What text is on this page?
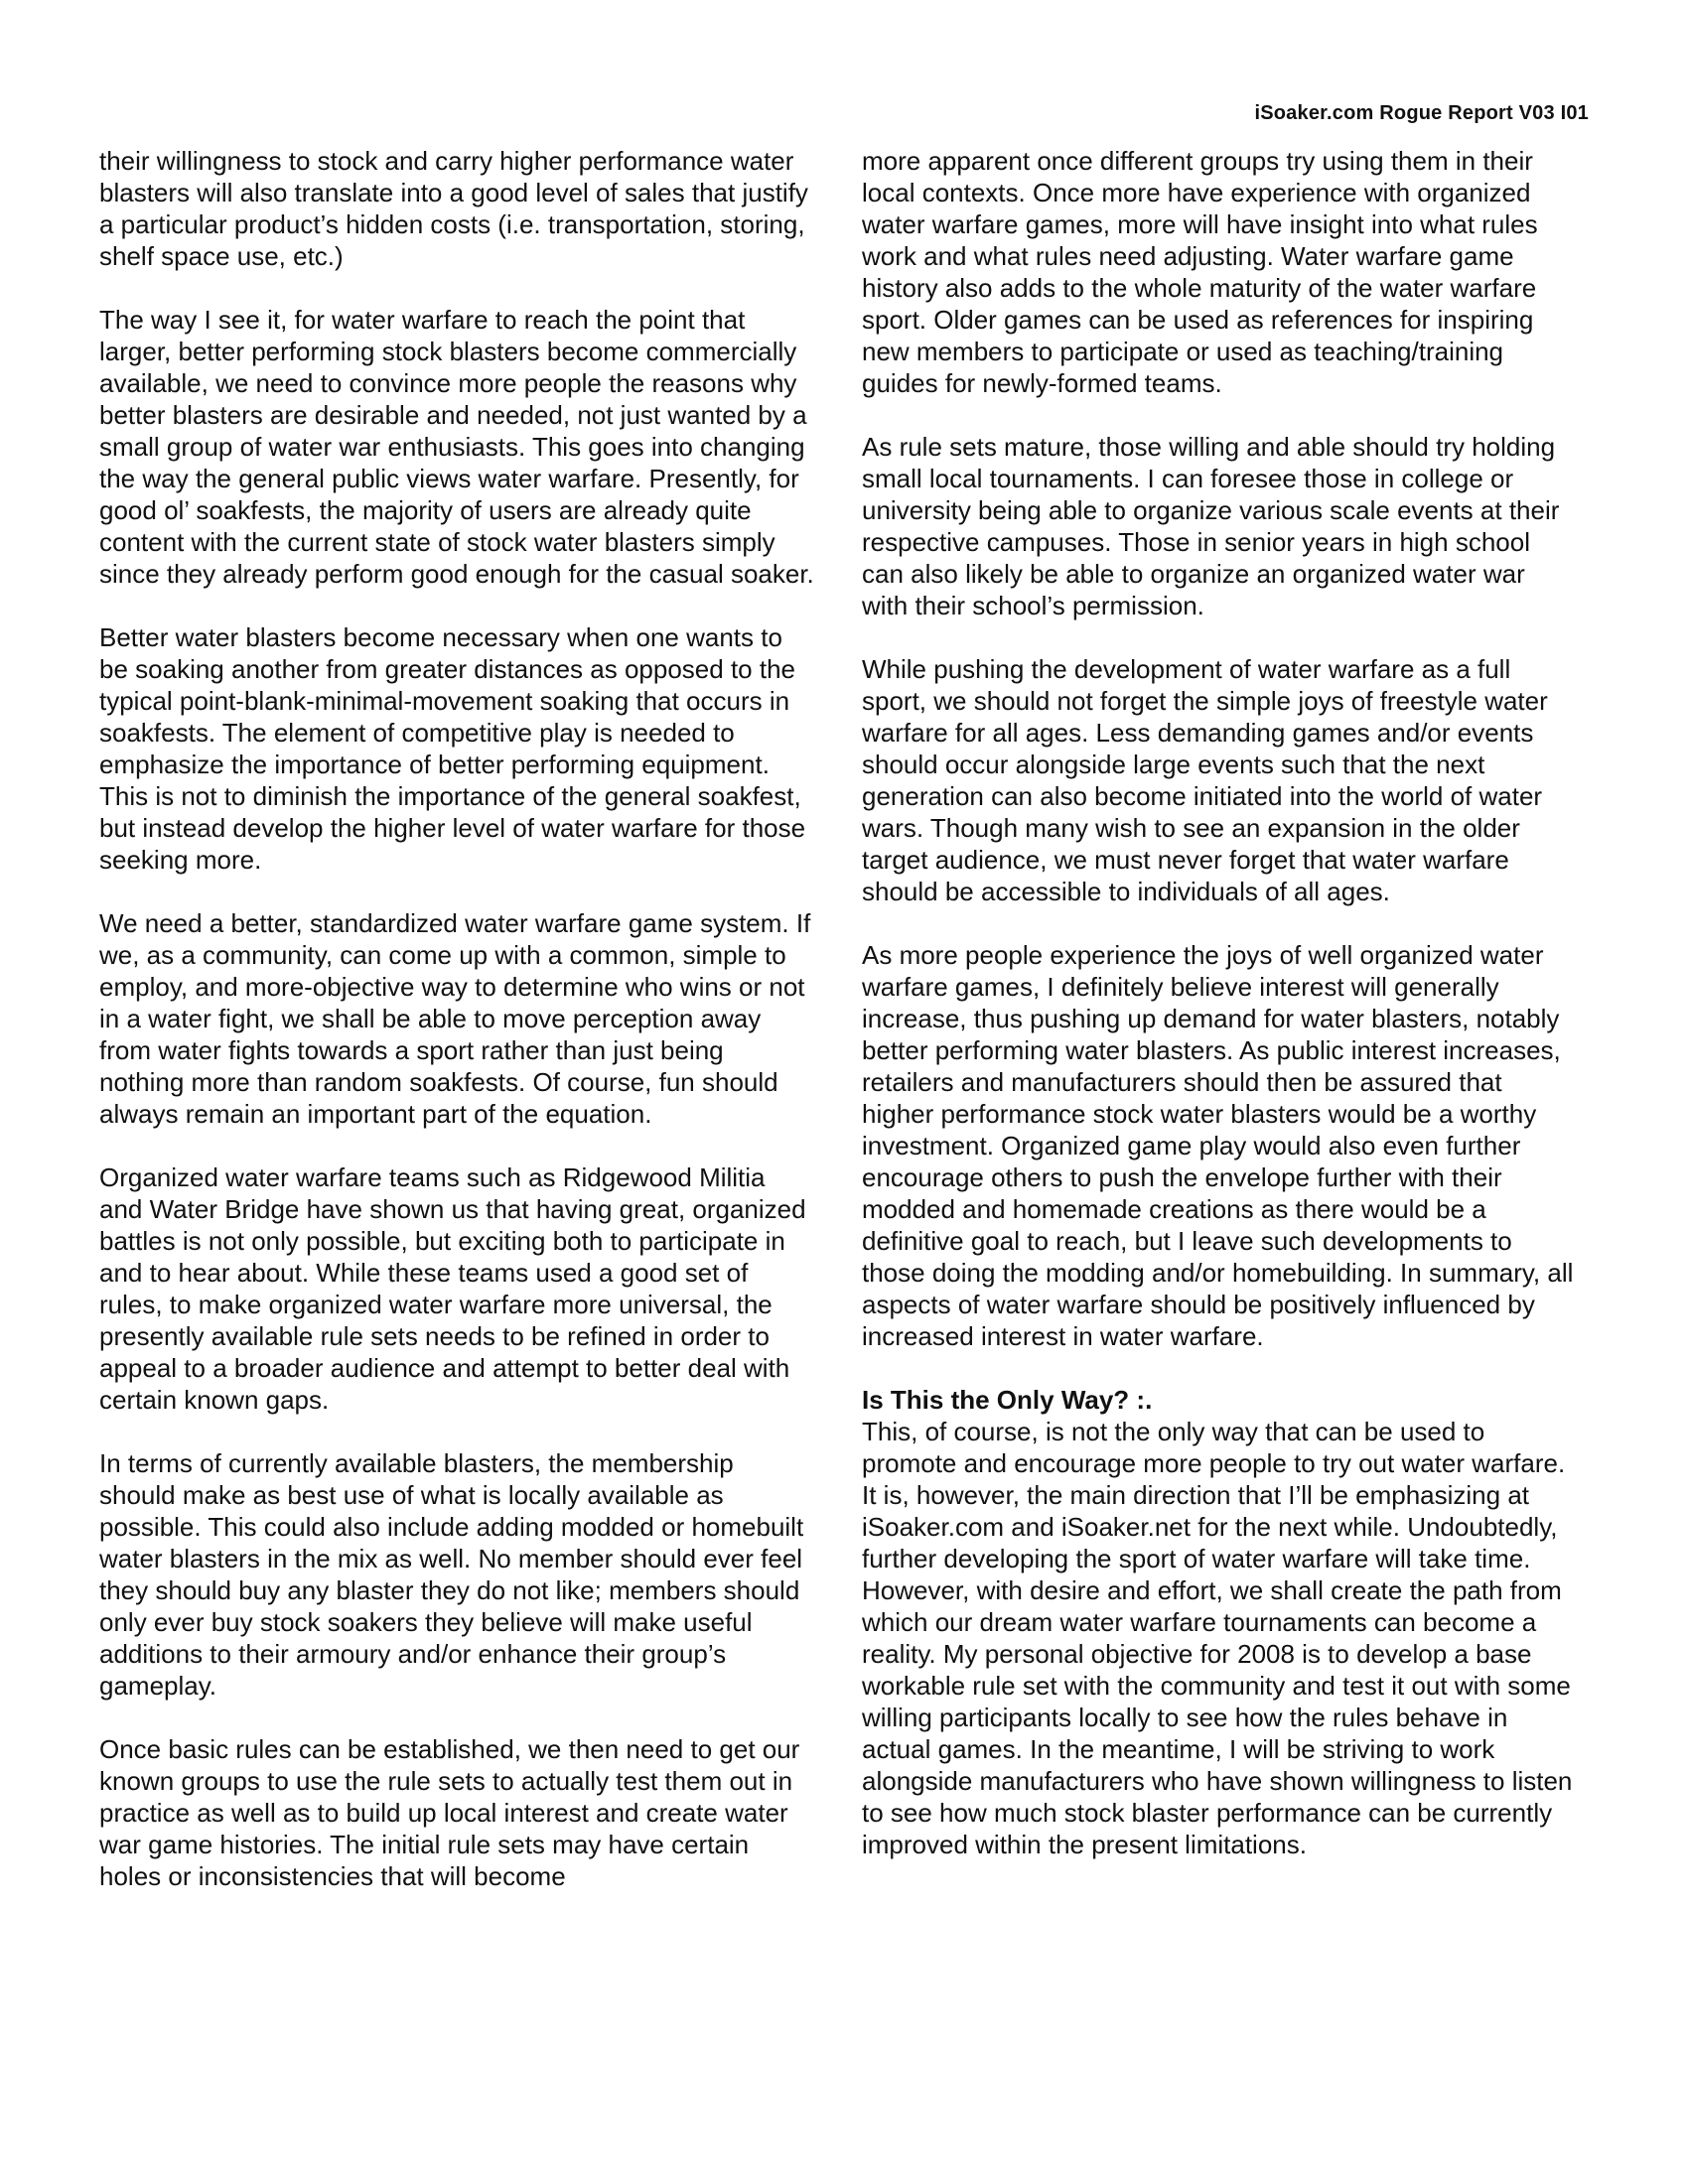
iSoaker.com Rogue Report V03 I01

their willingness to stock and carry higher performance water blasters will also translate into a good level of sales that justify a particular product’s hidden costs (i.e. transportation, storing, shelf space use, etc.)

The way I see it, for water warfare to reach the point that larger, better performing stock blasters become commercially available, we need to convince more people the reasons why better blasters are desirable and needed, not just wanted by a small group of water war enthusiasts. This goes into changing the way the general public views water warfare. Presently, for good ol’ soakfests, the majority of users are already quite content with the current state of stock water blasters simply since they already perform good enough for the casual soaker.

Better water blasters become necessary when one wants to be soaking another from greater distances as opposed to the typical point-blank-minimal-movement soaking that occurs in soakfests. The element of competitive play is needed to emphasize the importance of better performing equipment. This is not to diminish the importance of the general soakfest, but instead develop the higher level of water warfare for those seeking more.

We need a better, standardized water warfare game system. If we, as a community, can come up with a common, simple to employ, and more-objective way to determine who wins or not in a water fight, we shall be able to move perception away from water fights towards a sport rather than just being nothing more than random soakfests. Of course, fun should always remain an important part of the equation.

Organized water warfare teams such as Ridgewood Militia and Water Bridge have shown us that having great, organized battles is not only possible, but exciting both to participate in and to hear about. While these teams used a good set of rules, to make organized water warfare more universal, the presently available rule sets needs to be refined in order to appeal to a broader audience and attempt to better deal with certain known gaps.

In terms of currently available blasters, the membership should make as best use of what is locally available as possible. This could also include adding modded or homebuilt water blasters in the mix as well. No member should ever feel they should buy any blaster they do not like; members should only ever buy stock soakers they believe will make useful additions to their armoury and/or enhance their group’s gameplay.

Once basic rules can be established, we then need to get our known groups to use the rule sets to actually test them out in practice as well as to build up local interest and create water war game histories. The initial rule sets may have certain holes or inconsistencies that will become

more apparent once different groups try using them in their local contexts. Once more have experience with organized water warfare games, more will have insight into what rules work and what rules need adjusting. Water warfare game history also adds to the whole maturity of the water warfare sport. Older games can be used as references for inspiring new members to participate or used as teaching/training guides for newly-formed teams.

As rule sets mature, those willing and able should try holding small local tournaments. I can foresee those in college or university being able to organize various scale events at their respective campuses. Those in senior years in high school can also likely be able to organize an organized water war with their school’s permission.

While pushing the development of water warfare as a full sport, we should not forget the simple joys of freestyle water warfare for all ages. Less demanding games and/or events should occur alongside large events such that the next generation can also become initiated into the world of water wars. Though many wish to see an expansion in the older target audience, we must never forget that water warfare should be accessible to individuals of all ages.

As more people experience the joys of well organized water warfare games, I definitely believe interest will generally increase, thus pushing up demand for water blasters, notably better performing water blasters. As public interest increases, retailers and manufacturers should then be assured that higher performance stock water blasters would be a worthy investment. Organized game play would also even further encourage others to push the envelope further with their modded and homemade creations as there would be a definitive goal to reach, but I leave such developments to those doing the modding and/or homebuilding. In summary, all aspects of water warfare should be positively influenced by increased interest in water warfare.

Is This the Only Way? :.

This, of course, is not the only way that can be used to promote and encourage more people to try out water warfare. It is, however, the main direction that I’ll be emphasizing at iSoaker.com and iSoaker.net for the next while. Undoubtedly, further developing the sport of water warfare will take time. However, with desire and effort, we shall create the path from which our dream water warfare tournaments can become a reality. My personal objective for 2008 is to develop a base workable rule set with the community and test it out with some willing participants locally to see how the rules behave in actual games. In the meantime, I will be striving to work alongside manufacturers who have shown willingness to listen to see how much stock blaster performance can be currently improved within the present limitations.
